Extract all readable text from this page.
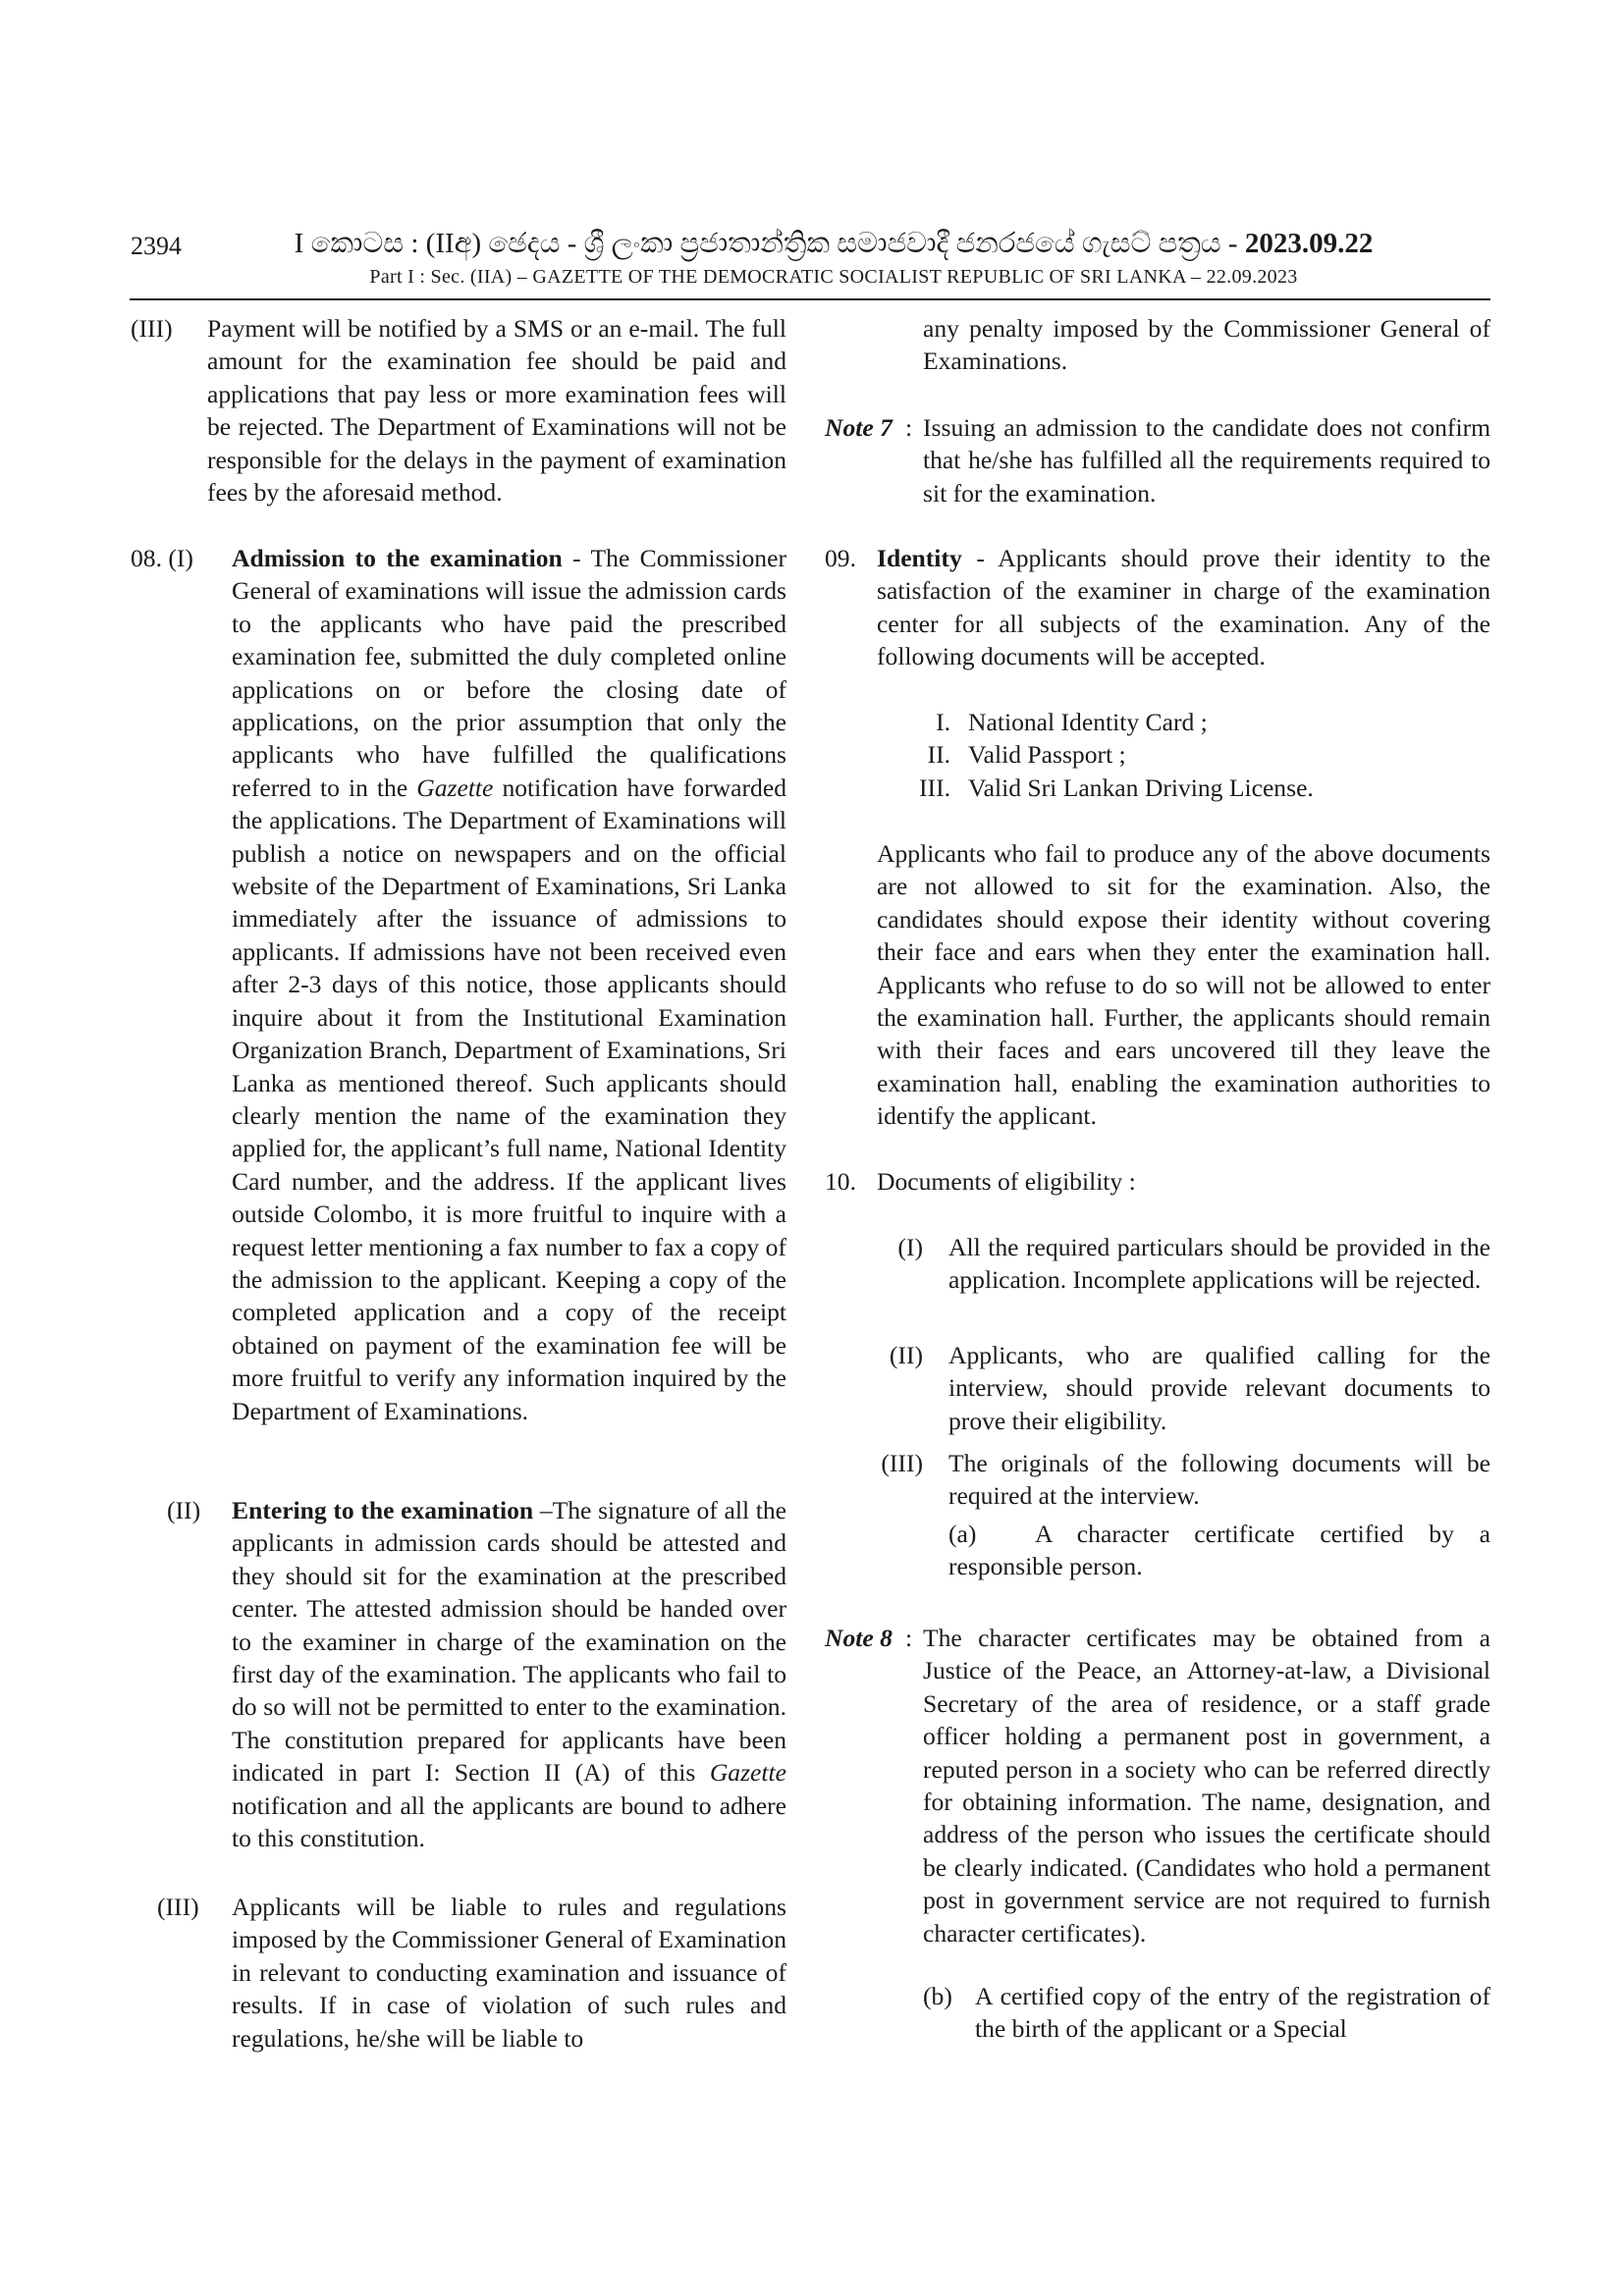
2394	I කොටස : (IIඅ) ඡෙදය - ශ්‍රී ලංකා ප්‍රජාතාන්ත්‍රික සමාජවාදී ජනරජයේ ගැසට් පත්‍රය - 2023.09.22
Part I : Sec. (IIA) – GAZETTE OF THE DEMOCRATIC SOCIALIST REPUBLIC OF SRI LANKA – 22.09.2023
(III) Payment will be notified by a SMS or an e-mail. The full amount for the examination fee should be paid and applications that pay less or more examination fees will be rejected. The Department of Examinations will not be responsible for the delays in the payment of examination fees by the aforesaid method.

08. (I) Admission to the examination - The Commissioner General of examinations will issue the admission cards to the applicants who have paid the prescribed examination fee, submitted the duly completed online applications on or before the closing date of applications, on the prior assumption that only the applicants who have fulfilled the qualifications referred to in the Gazette notification have forwarded the applications. The Department of Examinations will publish a notice on newspapers and on the official website of the Department of Examinations, Sri Lanka immediately after the issuance of admissions to applicants. If admissions have not been received even after 2-3 days of this notice, those applicants should inquire about it from the Institutional Examination Organization Branch, Department of Examinations, Sri Lanka as mentioned thereof. Such applicants should clearly mention the name of the examination they applied for, the applicant’s full name, National Identity Card number, and the address. If the applicant lives outside Colombo, it is more fruitful to inquire with a request letter mentioning a fax number to fax a copy of the admission to the applicant. Keeping a copy of the completed application and a copy of the receipt obtained on payment of the examination fee will be more fruitful to verify any information inquired by the Department of Examinations.

(II) Entering to the examination –The signature of all the applicants in admission cards should be attested and they should sit for the examination at the prescribed center. The attested admission should be handed over to the examiner in charge of the examination on the first day of the examination. The applicants who fail to do so will not be permitted to enter to the examination. The constitution prepared for applicants have been indicated in part I: Section II (A) of this Gazette notification and all the applicants are bound to adhere to this constitution.

(III) Applicants will be liable to rules and regulations imposed by the Commissioner General of Examination in relevant to conducting examination and issuance of results. If in case of violation of such rules and regulations, he/she will be liable to

any penalty imposed by the Commissioner General of Examinations.

Note 7 : Issuing an admission to the candidate does not confirm that he/she has fulfilled all the requirements required to sit for the examination.

09. Identity - Applicants should prove their identity to the satisfaction of the examiner in charge of the examination center for all subjects of the examination. Any of the following documents will be accepted.

I. National Identity Card ;
II. Valid Passport ;
III. Valid Sri Lankan Driving License.

Applicants who fail to produce any of the above documents are not allowed to sit for the examination. Also, the candidates should expose their identity without covering their face and ears when they enter the examination hall. Applicants who refuse to do so will not be allowed to enter the examination hall. Further, the applicants should remain with their faces and ears uncovered till they leave the examination hall, enabling the examination authorities to identify the applicant.

10. Documents of eligibility :
(I) All the required particulars should be provided in the application. Incomplete applications will be rejected.

(II) Applicants, who are qualified calling for the interview, should provide relevant documents to prove their eligibility.

(III) The originals of the following documents will be required at the interview.

(a)	A character certificate certified by a responsible person.

Note 8 : The character certificates may be obtained from a Justice of the Peace, an Attorney-at-law, a Divisional Secretary of the area of residence, or a staff grade officer holding a permanent post in government, a reputed person in a society who can be referred directly for obtaining information. The name, designation, and address of the person who issues the certificate should be clearly indicated. (Candidates who hold a permanent post in government service are not required to furnish character certificates).

(b) A certified copy of the entry of the registration of the birth of the applicant or a Special
